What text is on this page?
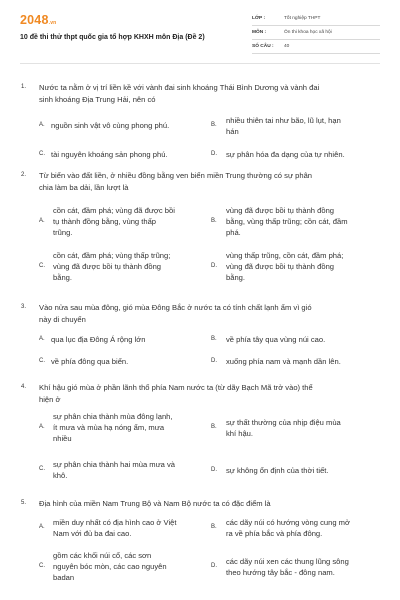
2048.vn
10 đề thi thử thpt quốc gia tổ hợp KHXH môn Địa (Đề 2)
LỚP :	Tốt nghiệp THPT
MÔN :	Ôn thi khoa học xã hội
SỐ CÂU :	40
1. Nước ta nằm ở vị trí liền kề với vành đai sinh khoáng Thái Bình Dương và vành đai
sinh khoáng Địa Trung Hải, nên có
A. nguồn sinh vật vô cùng phong phú.	B. nhiều thiên tai như bão, lũ lụt, hạn
hán
C. tài nguyên khoáng sản phong phú.	D. sự phân hóa đa dạng của tự nhiên.
2. Từ biển vào đất liền, ở nhiều đồng bằng ven biển miền Trung thường có sự phân
chia làm ba dải, lần lượt là
A.
cồn cát, đầm phá; vùng đã được bồi
tụ thành đồng bằng, vùng thấp
trũng.
B.
vùng đã được bồi tụ thành đồng
bằng, vùng thấp trũng; cồn cát, đầm
phá.
C.
cồn cát, đầm phá; vùng thấp trũng;
vùng đã được bồi tụ thành đồng
bằng.
D.
vùng thấp trũng, cồn cát, đầm phá;
vùng đã được bồi tụ thành đồng
bằng.
3. Vào nửa sau mùa đông, gió mùa Đông Bắc ở nước ta có tính chất lạnh ẩm vì gió
này di chuyển
A. qua lục địa Đông Á rộng lớn	B. về phía tây qua vùng núi cao.
C. về phía đông qua biển.	D. xuống phía nam và mạnh dần lên.
4. Khí hậu gió mùa ở phần lãnh thổ phía Nam nước ta (từ dãy Bạch Mã trở vào) thể
hiện ở
A.
sự phân chia thành mùa đông lạnh,
ít mưa và mùa hạ nóng ẩm, mưa
nhiều
B. sự thất thường của nhịp điệu mùa
khí hậu.
C. sự phân chia thành hai mùa mưa và
khô.
D. sự không ổn định của thời tiết.
5. Địa hình của miền Nam Trung Bộ và Nam Bộ nước ta có đặc điểm là
A. miền duy nhất có địa hình cao ở Việt
Nam với đủ ba đai cao.
B. các dãy núi có hướng vòng cung mở
ra về phía bắc và phía đông.
C.
gồm các khối núi cổ, các sơn
nguyên bóc mòn, các cao nguyên
badan
D. các dãy núi xen các thung lũng sông
theo hướng tây bắc - đông nam.
